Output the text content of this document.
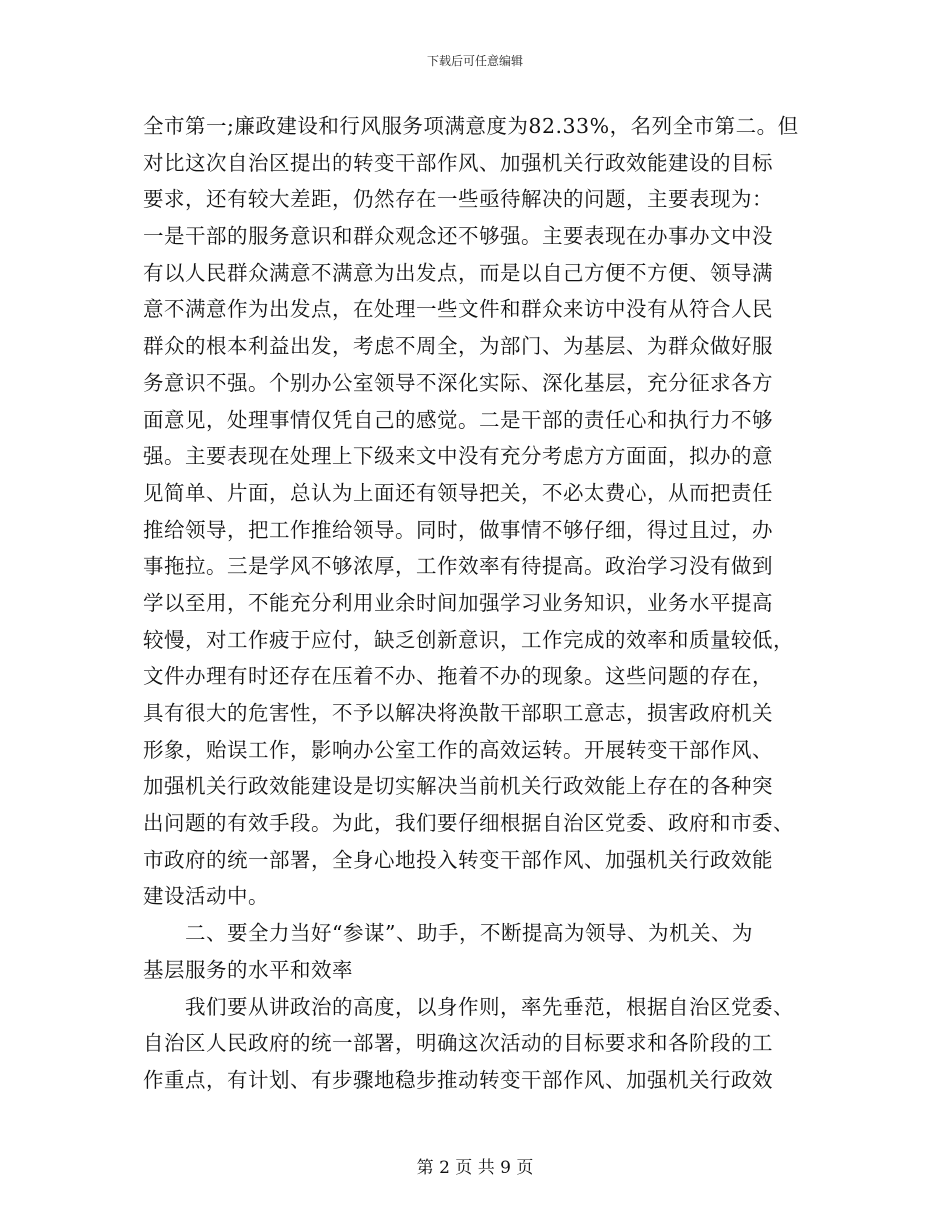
下载后可任意编辑
全市第一;廉政建设和行风服务项满意度为82.33%，名列全市第二。但
对比这次自治区提出的转变干部作风、加强机关行政效能建设的目标
要求，还有较大差距，仍然存在一些亟待解决的问题，主要表现为：
一是干部的服务意识和群众观念还不够强。主要表现在办事办文中没
有以人民群众满意不满意为出发点，而是以自己方便不方便、领导满
意不满意作为出发点，在处理一些文件和群众来访中没有从符合人民
群众的根本利益出发，考虑不周全，为部门、为基层、为群众做好服
务意识不强。个别办公室领导不深化实际、深化基层，充分征求各方
面意见，处理事情仅凭自己的感觉。二是干部的责任心和执行力不够
强。主要表现在处理上下级来文中没有充分考虑方方面面，拟办的意
见简单、片面，总认为上面还有领导把关，不必太费心，从而把责任
推给领导，把工作推给领导。同时，做事情不够仔细，得过且过，办
事拖拉。三是学风不够浓厚，工作效率有待提高。政治学习没有做到
学以至用，不能充分利用业余时间加强学习业务知识，业务水平提高
较慢，对工作疲于应付，缺乏创新意识，工作完成的效率和质量较低，
文件办理有时还存在压着不办、拖着不办的现象。这些问题的存在，
具有很大的危害性，不予以解决将涣散干部职工意志，损害政府机关
形象，贻误工作，影响办公室工作的高效运转。开展转变干部作风、
加强机关行政效能建设是切实解决当前机关行政效能上存在的各种突
出问题的有效手段。为此，我们要仔细根据自治区党委、政府和市委、
市政府的统一部署，全身心地投入转变干部作风、加强机关行政效能
建设活动中。
二、要全力当好“参谋”、助手，不断提高为领导、为机关、为
基层服务的水平和效率
我们要从讲政治的高度，以身作则，率先垂范，根据自治区党委、
自治区人民政府的统一部署，明确这次活动的目标要求和各阶段的工
作重点，有计划、有步骤地稳步推动转变干部作风、加强机关行政效
第 2 页 共 9 页
